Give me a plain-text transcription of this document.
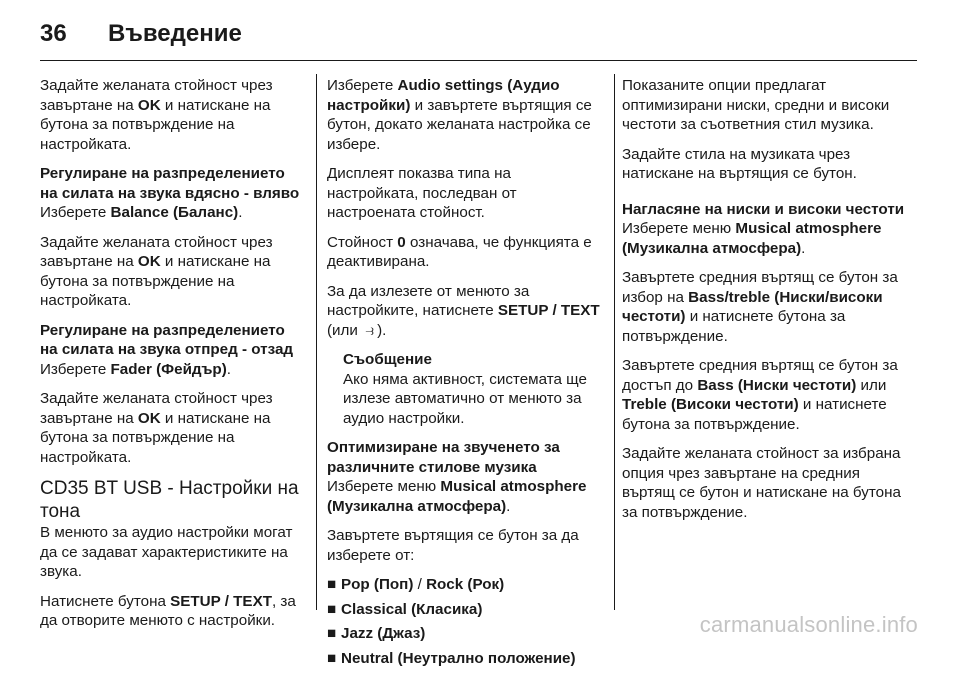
36	Въведение

Задайте желаната стойност чрез завъртане на OK и натискане на бутона за потвърждение на настройката.

Регулиране на разпределението на силата на звука вдясно - вляво

Изберете Balance (Баланс).

Задайте желаната стойност чрез завъртане на OK и натискане на бутона за потвърждение на настройката.

Регулиране на разпределението на силата на звука отпред - отзад

Изберете Fader (Фейдър).

Задайте желаната стойност чрез завъртане на OK и натискане на бутона за потвърждение на настройката.

CD35 BT USB - Настройки на тона

В менюто за аудио настройки могат да се задават характеристиките на звука.

Натиснете бутона SETUP / TEXT, за да отворите менюто с настройки.

Изберете Audio settings (Аудио настройки) и завъртете въртящия се бутон, докато желаната настройка се избере.

Дисплеят показва типа на настройката, последван от настроената стойност.

Стойност 0 означава, че функцията е деактивирана.

За да излезете от менюто за настройките, натиснете SETUP / TEXT (или ⥽ ).

Съобщение

Ако няма активност, системата ще излезе автоматично от менюто за аудио настройки.

Оптимизиране на звученето за различните стилове музика

Изберете меню Musical atmosphere (Музикална атмосфера).

Завъртете въртящия се бутон за да изберете от:

■ Pop (Поп) / Rock (Рок)
■ Classical (Класика)
■ Jazz (Джаз)
■ Neutral (Неутрално положение)

Показаните опции предлагат оптимизирани ниски, средни и високи честоти за съответния стил музика.

Задайте стила на музиката чрез натискане на въртящия се бутон.

Нагласяне на ниски и високи честоти

Изберете меню Musical atmosphere (Музикална атмосфера).

Завъртете средния въртящ се бутон за избор на Bass/treble (Ниски/високи честоти) и натиснете бутона за потвърждение.

Завъртете средния въртящ се бутон за достъп до Bass (Ниски честоти) или Treble (Високи честоти) и натиснете бутона за потвърждение.

Задайте желаната стойност за избрана опция чрез завъртане на средния въртящ се бутон и натискане на бутона за потвърждение.

carmanualsonline.info
